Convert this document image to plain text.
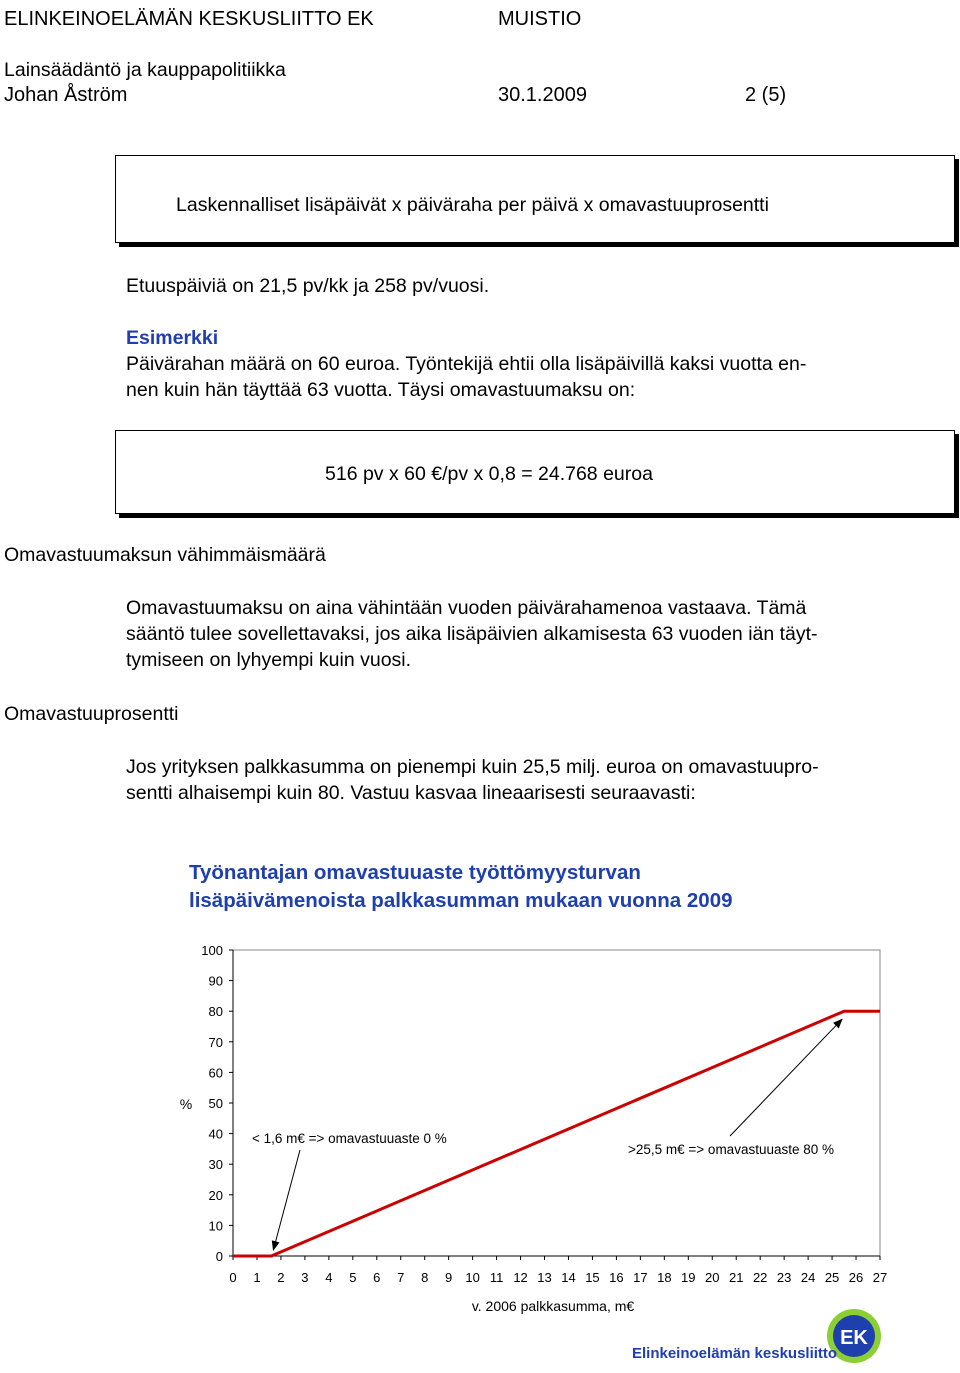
ELINKEINOELÄMÄN KESKUSLIITTO EK	MUISTIO
Lainsäädäntö ja kauppapolitiikka
Johan Åström	30.1.2009	2 (5)
Laskennalliset lisäpäivät x päiväraha per päivä x omavastuuprosentti
Etuuspäiviä on 21,5 pv/kk ja 258 pv/vuosi.
Esimerkki
Päivärahan määrä on 60 euroa. Työntekijä ehtii olla lisäpäivillä kaksi vuotta en-
nen kuin hän täyttää 63 vuotta. Täysi omavastuumaksu on:
516 pv x 60 €/pv x 0,8 = 24.768 euroa
Omavastuumaksun vähimmäismäärä
Omavastuumaksu on aina vähintään vuoden päivärahamenoa vastaava. Tämä
sääntö tulee sovellettavaksi, jos aika lisäpäivien alkamisesta 63 vuoden iän täyt-
tymiseen on lyhyempi kuin vuosi.
Omavastuuprosentti
Jos yrityksen palkkasumma on pienempi kuin 25,5 milj. euroa on omavastuupro-
sentti alhaisempi kuin 80. Vastuu kasvaa lineaarisesti seuraavasti:
Työnantajan omavastuuaste työttömyysturvan
lisäpäivämenoista palkkasumman mukaan vuonna 2009
0
10
20
30
40
50
60
70
80
90
100
0 1 2 3 4 5 6 7 8 9 10 11 12 13 14 15 16 17 18 19 20 21 22 23 24 25 26 27
< 1,6 m€ => omavastuuaste 0 %
>25,5 m€ => omavastuuaste 80 %
%
v. 2006 palkkasumma, m€
EK
Elinkeinoelämän keskusliitto
